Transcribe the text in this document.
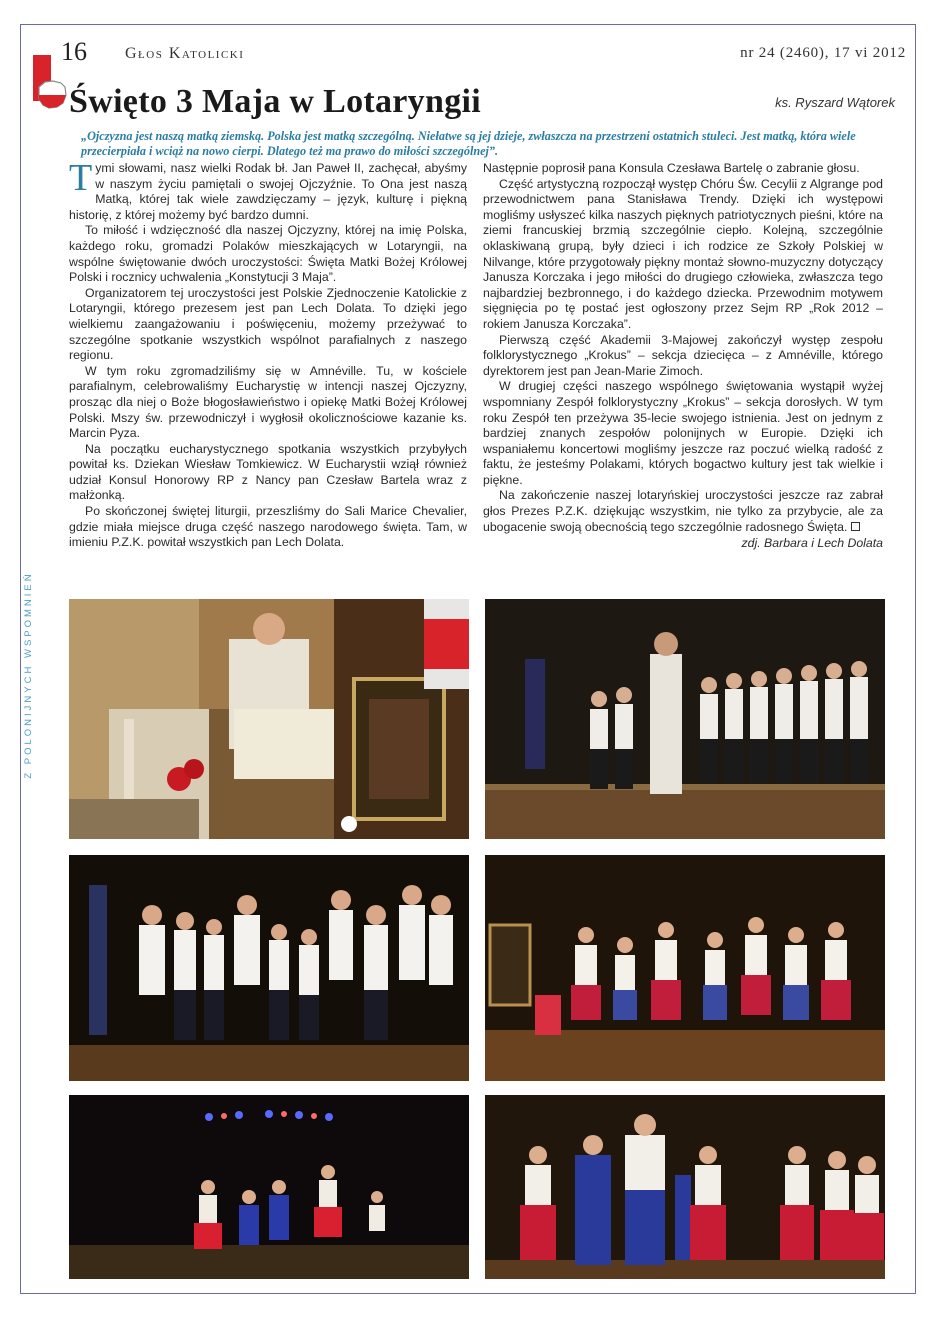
16 Głos Katolicki	nr 24 (2460), 17 vi 2012
Święto 3 Maja w Lotaryngii	ks. Ryszard Wątorek
„Ojczyzna jest naszą matką ziemską. Polska jest matką szczególną. Niełatwe są jej dzieje, zwłaszcza na przestrzeni ostatnich stuleci. Jest matką, która wiele przecierpiała i wciąż na nowo cierpi. Dlatego też ma prawo do miłości szczególnej”.
Z POLONIJNYCH WSPOMNIEŃ

Tymi słowami, nasz wielki Rodak bł. Jan Paweł II, zachęcał, abyśmy w naszym życiu pamiętali o swojej Ojczyźnie. To Ona jest naszą Matką, której tak wiele zawdzięczamy – język, kulturę i piękną historię, z której możemy być bardzo dumni.

To miłość i wdzięczność dla naszej Ojczyzny, której na imię Polska, każdego roku, gromadzi Polaków mieszkających w Lotaryngii, na wspólne świętowanie dwóch uroczystości: Święta Matki Bożej Królowej Polski i rocznicy uchwalenia „Konstytucji 3 Maja”.

Organizatorem tej uroczystości jest Polskie Zjednoczenie Katolickie z Lotaryngii, którego prezesem jest pan Lech Dolata. To dzięki jego wielkiemu zaangażowaniu i poświęceniu, możemy przeżywać to szczególne spotkanie wszystkich wspólnot parafialnych z naszego regionu.

W tym roku zgromadziliśmy się w Amnéville. Tu, w kościele parafialnym, celebrowaliśmy Eucharystię w intencji naszej Ojczyzny, prosząc dla niej o Boże błogosławieństwo i opiekę Matki Bożej Królowej Polski. Mszy św. przewodniczył i wygłosił okolicznościowe kazanie ks. Marcin Pyza.

Na początku eucharystycznego spotkania wszystkich przybyłych powitał ks. Dziekan Wiesław Tomkiewicz. W Eucharystii wziął również udział Konsul Honorowy RP z Nancy pan Czesław Bartela wraz z małżonką.

Po skończonej świętej liturgii, przeszliśmy do Sali Marice Chevalier, gdzie miała miejsce druga część naszego narodowego święta. Tam, w imieniu P.Z.K. powitał wszystkich pan Lech Dolata.

Następnie poprosił pana Konsula Czesława Bartelę o zabranie głosu.

Część artystyczną rozpoczął występ Chóru Św. Cecylii z Algrange pod przewodnictwem pana Stanisława Trendy. Dzięki ich występowi mogliśmy usłyszeć kilka naszych pięknych patriotycznych pieśni, które na ziemi francuskiej brzmią szczególnie ciepło. Kolejną, szczególnie oklaskiwaną grupą, były dzieci i ich rodzice ze Szkoły Polskiej w Nilvange, które przygotowały piękny montaż słowno-muzyczny dotyczący Janusza Korczaka i jego miłości do drugiego człowieka, zwłaszcza tego najbardziej bezbronnego, i do każdego dziecka. Przewodnim motywem sięgnięcia po tę postać jest ogłoszony przez Sejm RP „Rok 2012 – rokiem Janusza Korczaka”.

Pierwszą część Akademii 3-Majowej zakończył występ zespołu folklorystycznego „Krokus” – sekcja dziecięca – z Amnéville, którego dyrektorem jest pan Jean-Marie Zimoch.

W drugiej części naszego wspólnego świętowania wystąpił wyżej wspomniany Zespół folklorystyczny „Krokus” – sekcja dorosłych. W tym roku Zespół ten przeżywa 35-lecie swojego istnienia. Jest on jednym z bardziej znanych zespołów polonijnych w Europie. Dzięki ich wspaniałemu koncertowi mogliśmy jeszcze raz poczuć wielką radość z faktu, że jesteśmy Polakami, których bogactwo kultury jest tak wielkie i piękne.

Na zakończenie naszej lotaryńskiej uroczystości jeszcze raz zabrał głos Prezes P.Z.K. dziękując wszystkim, nie tylko za przybycie, ale za ubogacenie swoją obecnością tego szczególnie radosnego Święta.

zdj. Barbara i Lech Dolata
